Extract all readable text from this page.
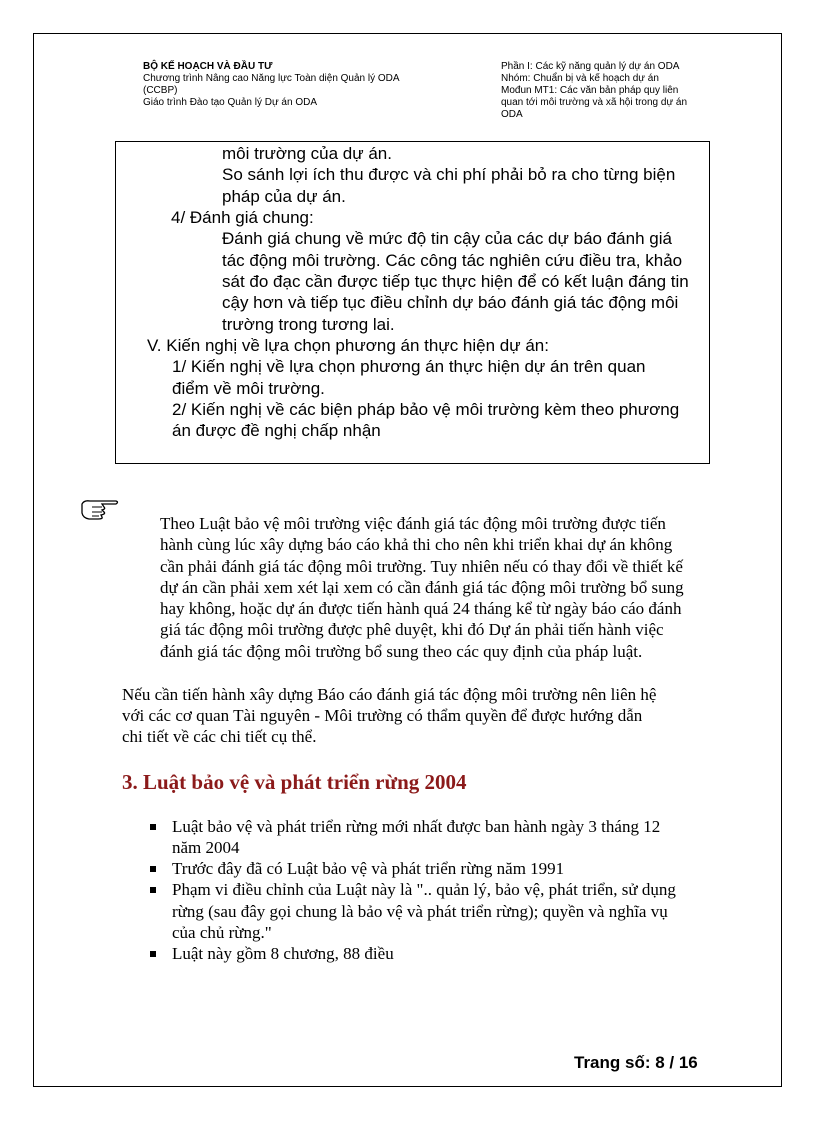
BỘ KẾ HOẠCH VÀ ĐẦU TƯ
Chương trình Nâng cao Năng lực Toàn diện Quản lý ODA
(CCBP)
Giáo trình Đào tạo Quản lý Dự án ODA
Phần I: Các kỹ năng quản lý dự án ODA
Nhóm: Chuẩn bị và kế hoạch dự án
Mođun MT1: Các văn bản pháp quy liên
quan tới môi trường và xã hội trong dự án
ODA
môi trường của dự án.
So sánh lợi ích thu được và chi phí phải bỏ ra cho từng biện
pháp của dự án.
4/ Đánh giá chung:
Đánh giá chung về mức độ tin cậy của các dự báo đánh giá
tác động môi trường. Các công tác nghiên cứu điều tra, khảo
sát đo đạc cần được tiếp tục thực hiện để có kết luận đáng tin
cậy hơn và tiếp tục điều chỉnh dự báo đánh giá tác động môi
trường trong tương lai.
V. Kiến nghị về lựa chọn phương án thực hiện dự án:
1/ Kiến nghị về lựa chọn phương án thực hiện dự án trên quan
điểm về môi trường.
2/ Kiến nghị về các biện pháp bảo vệ môi trường kèm theo phương
án được đề nghị chấp nhận
Theo Luật bảo vệ môi trường việc đánh giá tác động môi trường được tiến
hành cùng lúc xây dựng báo cáo khả thi cho nên khi triển khai dự án không
cần phải đánh giá tác động môi trường. Tuy nhiên nếu có thay đổi về thiết kế
dự án cần phải xem xét lại xem có cần đánh giá tác động môi trường bổ sung
hay không, hoặc dự án được tiến hành quá 24 tháng kể từ ngày báo cáo đánh
giá tác động môi trường được phê duyệt, khi đó Dự án phải tiến hành việc
đánh giá tác động môi trường bổ sung theo các quy định của pháp luật.
Nếu cần tiến hành xây dựng Báo cáo đánh giá tác động môi trường nên liên hệ
với các cơ quan Tài nguyên - Môi trường có thẩm quyền để được hướng dẫn
chi tiết về các chi tiết cụ thể.
3. Luật bảo vệ và phát triển rừng 2004
Luật bảo vệ và phát triển rừng mới nhất được ban hành ngày 3 tháng 12
năm 2004
Trước đây đã có Luật bảo vệ và phát triển rừng năm 1991
Phạm vi điều chỉnh của Luật này là ".. quản lý, bảo vệ, phát triển, sử dụng
rừng (sau đây gọi chung là bảo vệ và phát triển rừng); quyền và nghĩa vụ
của chủ rừng."
Luật này gồm 8 chương, 88 điều
Trang số: 8 / 16
